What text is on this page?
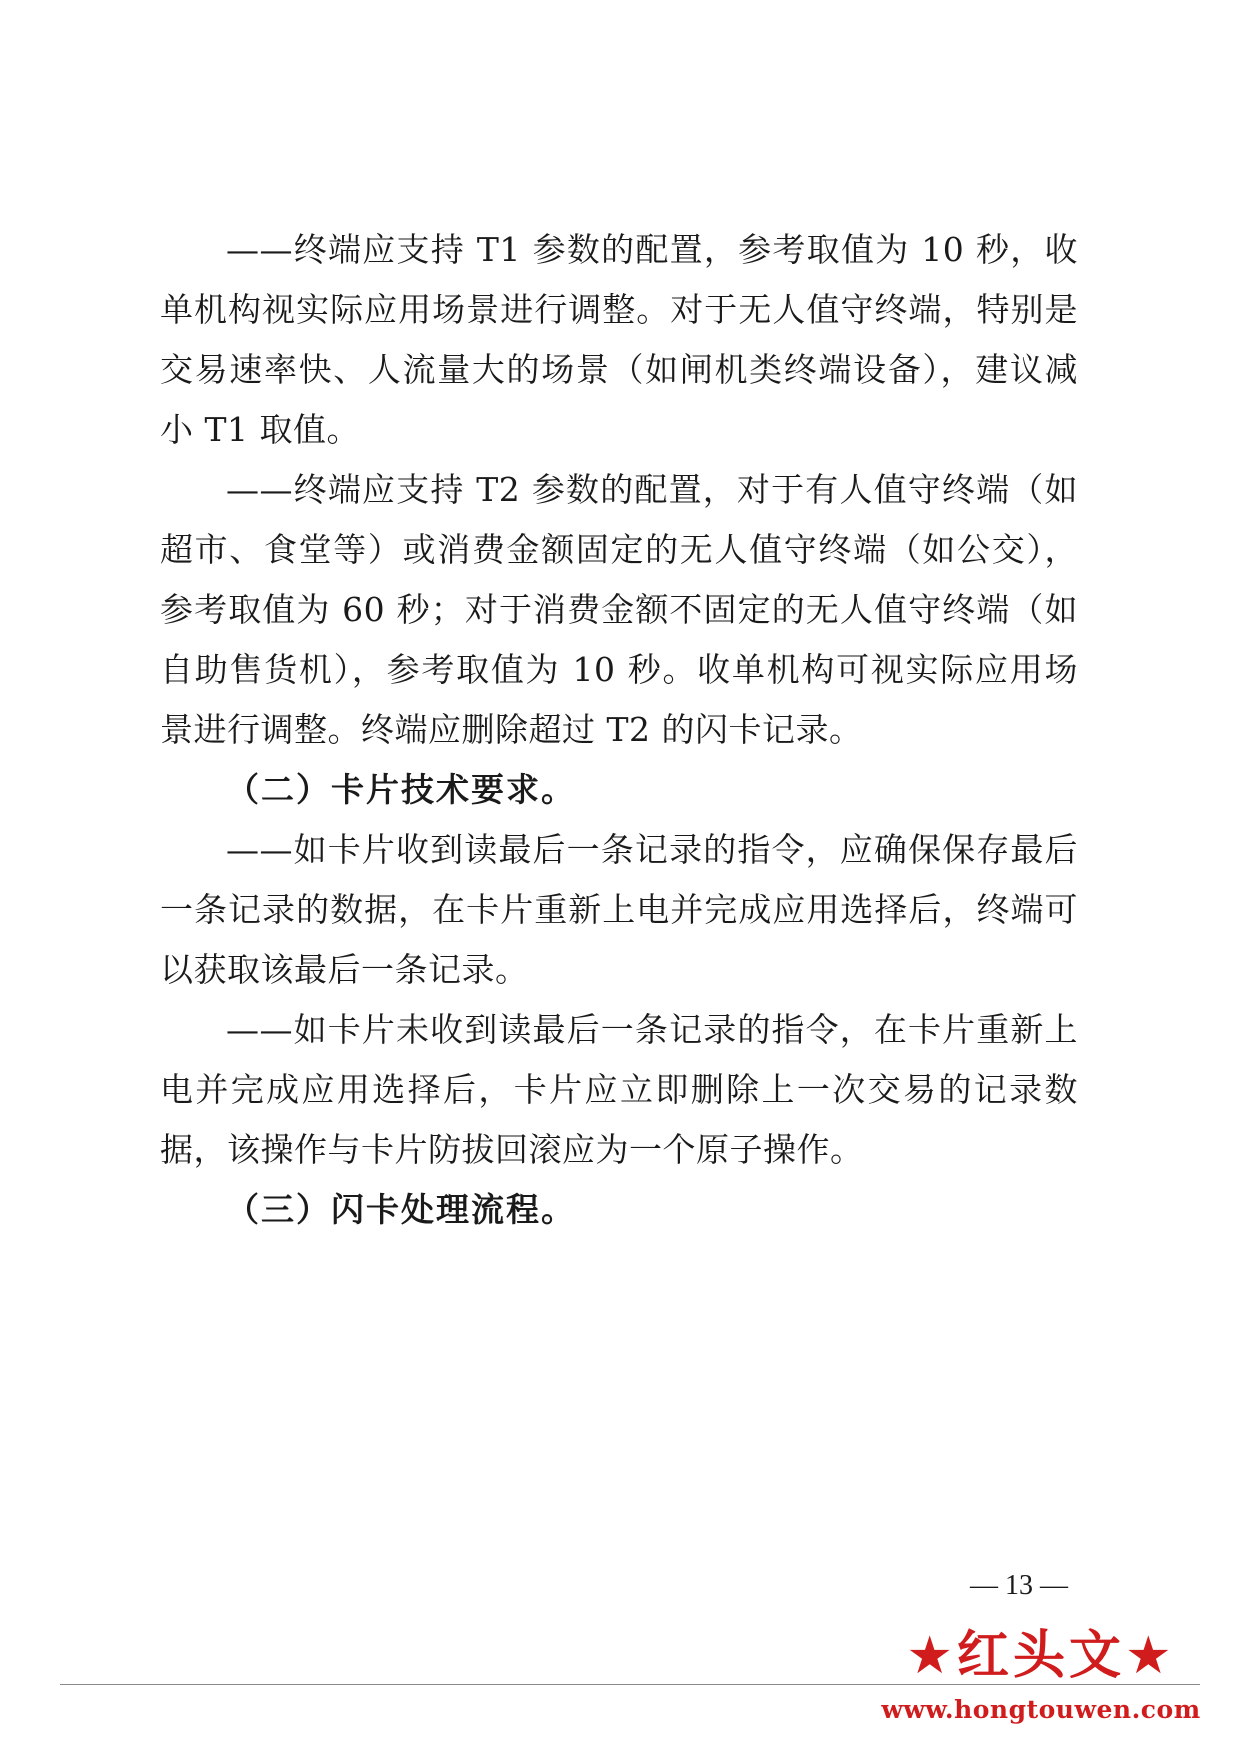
——终端应支持 T1 参数的配置，参考取值为 10 秒，收单机构视实际应用场景进行调整。对于无人值守终端，特别是交易速率快、人流量大的场景（如闸机类终端设备），建议减小 T1 取值。

——终端应支持 T2 参数的配置，对于有人值守终端（如超市、食堂等）或消费金额固定的无人值守终端（如公交），参考取值为 60 秒；对于消费金额不固定的无人值守终端（如自助售货机），参考取值为 10 秒。收单机构可视实际应用场景进行调整。终端应删除超过 T2 的闪卡记录。

（二）卡片技术要求。

——如卡片收到读最后一条记录的指令，应确保保存最后一条记录的数据，在卡片重新上电并完成应用选择后，终端可以获取该最后一条记录。

——如卡片未收到读最后一条记录的指令，在卡片重新上电并完成应用选择后，卡片应立即删除上一次交易的记录数据，该操作与卡片防拔回滚应为一个原子操作。

（三）闪卡处理流程。

— 13 —
★红头文★
www.hongtouwen.com
